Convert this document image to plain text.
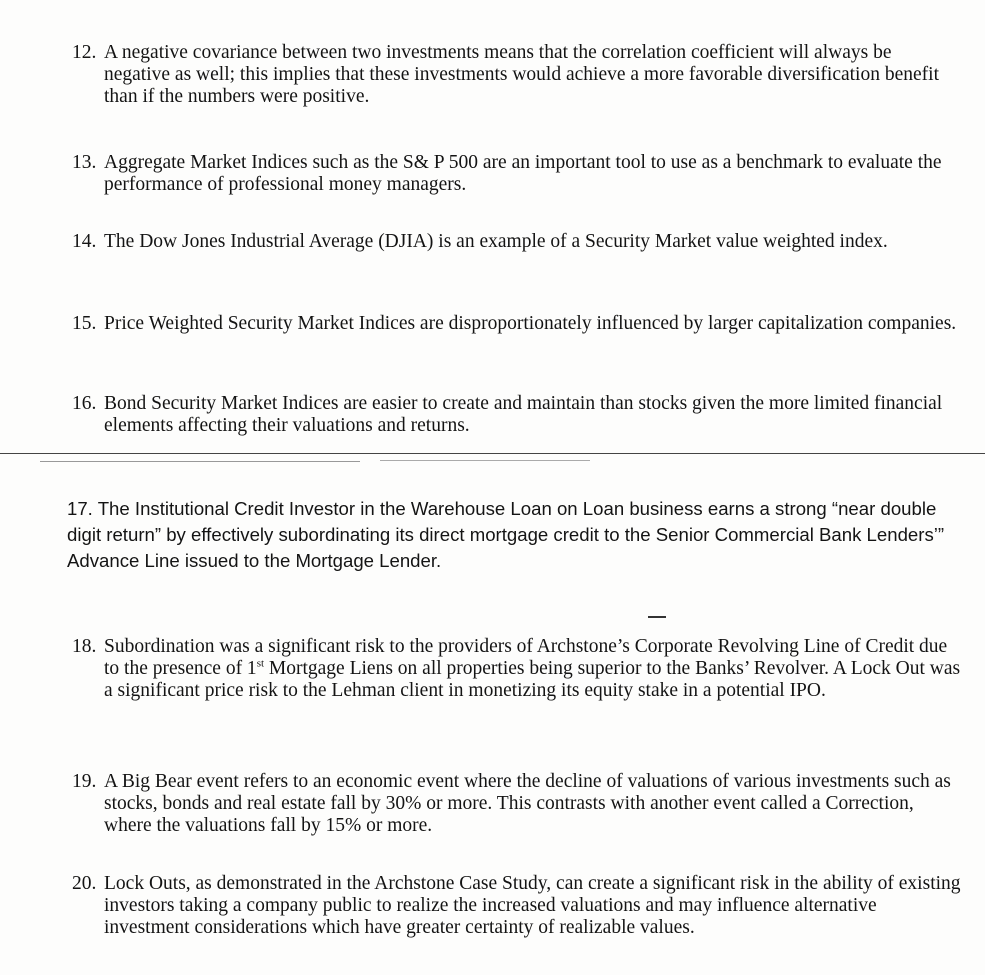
12. A negative covariance between two investments means that the correlation coefficient will always be negative as well; this implies that these investments would achieve a more favorable diversification benefit than if the numbers were positive.
13. Aggregate Market Indices such as the S& P 500 are an important tool to use as a benchmark to evaluate the performance of professional money managers.
14. The Dow Jones Industrial Average (DJIA) is an example of a Security Market value weighted index.
15. Price Weighted Security Market Indices are disproportionately influenced by larger capitalization companies.
16. Bond Security Market Indices are easier to create and maintain than stocks given the more limited financial elements affecting their valuations and returns.
17. The Institutional Credit Investor in the Warehouse Loan on Loan business earns a strong “near double digit return” by effectively subordinating its direct mortgage credit to the Senior Commercial Bank Lenders’” Advance Line issued to the Mortgage Lender.
18. Subordination was a significant risk to the providers of Archstone’s Corporate Revolving Line of Credit due to the presence of 1st Mortgage Liens on all properties being superior to the Banks’ Revolver. A Lock Out was a significant price risk to the Lehman client in monetizing its equity stake in a potential IPO.
19. A Big Bear event refers to an economic event where the decline of valuations of various investments such as stocks, bonds and real estate fall by 30% or more. This contrasts with another event called a Correction, where the valuations fall by 15% or more.
20. Lock Outs, as demonstrated in the Archstone Case Study, can create a significant risk in the ability of existing investors taking a company public to realize the increased valuations and may influence alternative investment considerations which have greater certainty of realizable values.
